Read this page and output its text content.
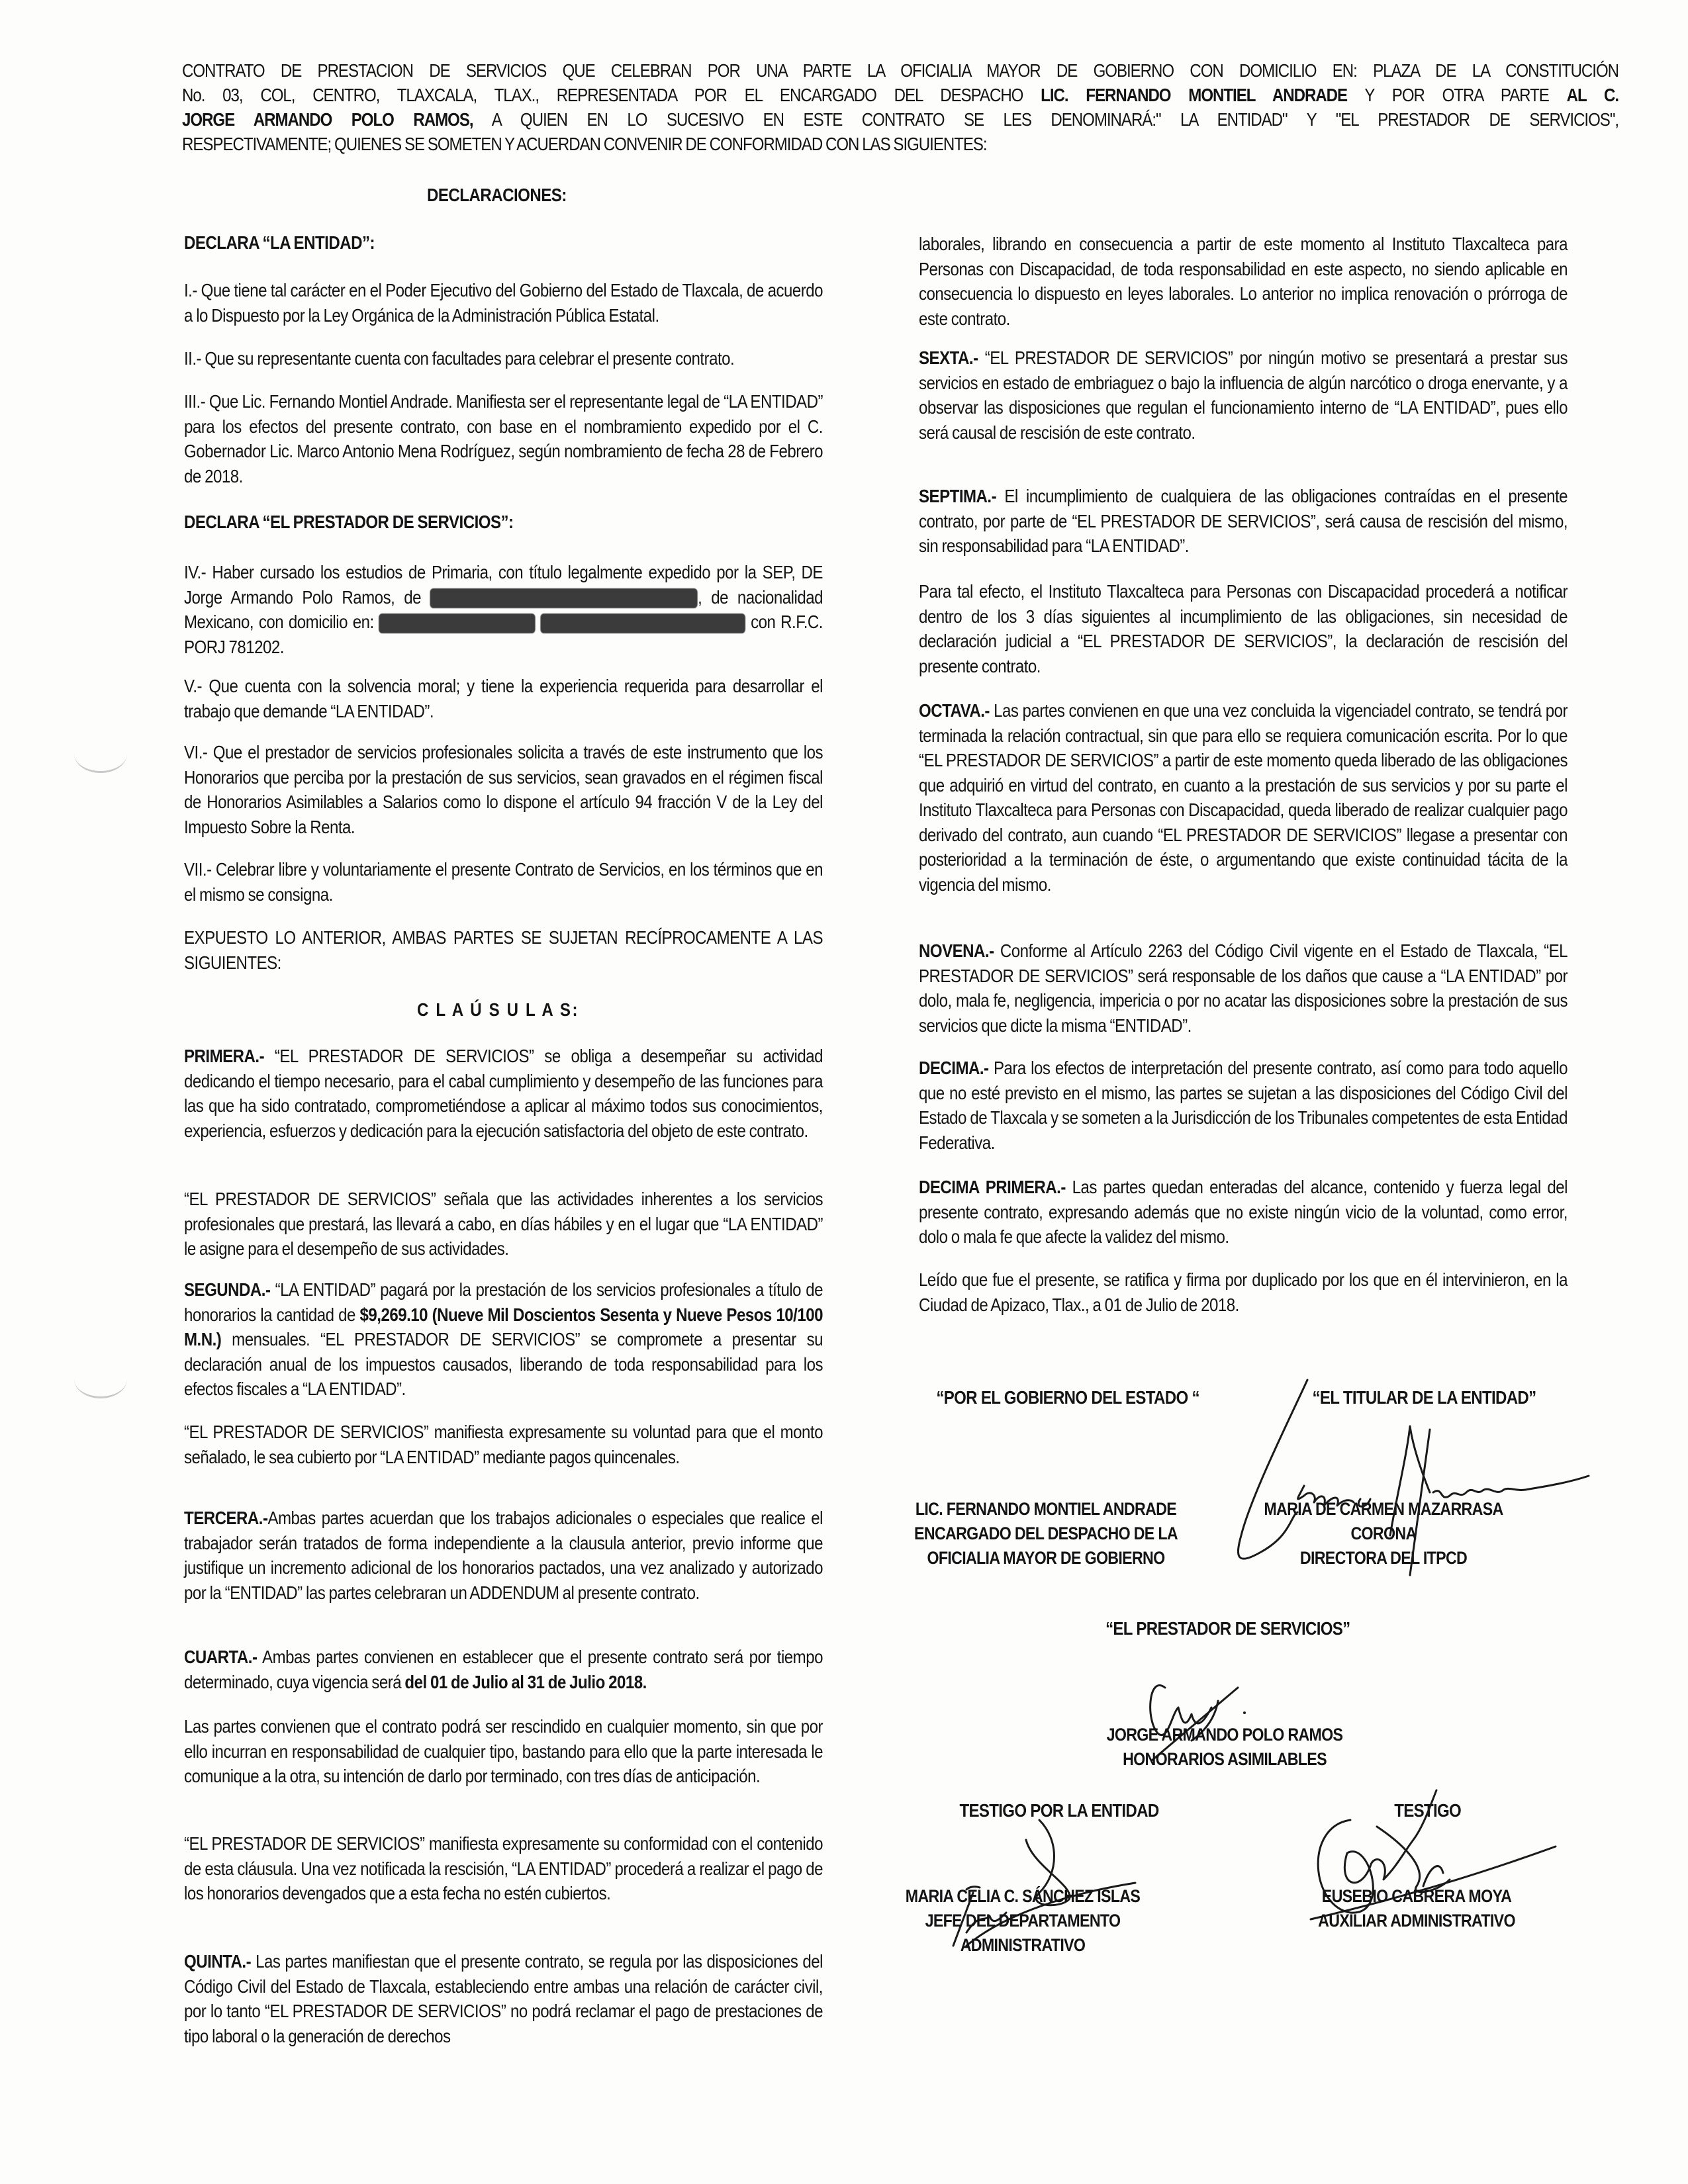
CONTRATO DE PRESTACION DE SERVICIOS QUE CELEBRAN POR UNA PARTE LA OFICIALIA MAYOR DE GOBIERNO CON DOMICILIO EN: PLAZA DE LA CONSTITUCIÓN

No. 03, COL, CENTRO, TLAXCALA, TLAX., REPRESENTADA POR EL ENCARGADO DEL DESPACHO LIC. FERNANDO MONTIEL ANDRADE Y POR OTRA PARTE AL C.

JORGE ARMANDO POLO RAMOS, A QUIEN EN LO SUCESIVO EN ESTE CONTRATO SE LES DENOMINARÁ:" LA ENTIDAD" Y "EL PRESTADOR DE SERVICIOS",

RESPECTIVAMENTE; QUIENES SE SOMETEN Y ACUERDAN CONVENIR DE CONFORMIDAD CON LAS SIGUIENTES:

DECLARACIONES:
DECLARA “LA ENTIDAD”:
I.- Que tiene tal carácter en el Poder Ejecutivo del Gobierno del Estado de Tlaxcala, de acuerdo a lo Dispuesto por la Ley Orgánica de la Administración Pública Estatal.
II.- Que su representante cuenta con facultades para celebrar el presente contrato.
III.- Que Lic. Fernando Montiel Andrade. Manifiesta ser el representante legal de “LA ENTIDAD” para los efectos del presente contrato, con base en el nombramiento expedido por el C. Gobernador Lic. Marco Antonio Mena Rodríguez, según nombramiento de fecha 28 de Febrero de 2018.
DECLARA “EL PRESTADOR DE SERVICIOS”:
IV.- Haber cursado los estudios de Primaria, con título legalmente expedido por la SEP, DE Jorge Armando Polo Ramos, de	, de nacionalidad Mexicano, con domicilio en:	con R.F.C. PORJ 781202.
V.- Que cuenta con la solvencia moral; y tiene la experiencia requerida para desarrollar el trabajo que demande “LA ENTIDAD”.
VI.- Que el prestador de servicios profesionales solicita a través de este instrumento que los Honorarios que perciba por la prestación de sus servicios, sean gravados en el régimen fiscal de Honorarios Asimilables a Salarios como lo dispone el artículo 94 fracción V de la Ley del Impuesto Sobre la Renta.
VII.- Celebrar libre y voluntariamente el presente Contrato de Servicios, en los términos que en el mismo se consigna.
EXPUESTO LO ANTERIOR, AMBAS PARTES SE SUJETAN RECÍPROCAMENTE A LAS SIGUIENTES:
C L A Ú S U L A S:
PRIMERA.- “EL PRESTADOR DE SERVICIOS” se obliga a desempeñar su actividad dedicando el tiempo necesario, para el cabal cumplimiento y desempeño de las funciones para las que ha sido contratado, comprometiéndose a aplicar al máximo todos sus conocimientos, experiencia, esfuerzos y dedicación para la ejecución satisfactoria del objeto de este contrato.
“EL PRESTADOR DE SERVICIOS” señala que las actividades inherentes a los servicios profesionales que prestará, las llevará a cabo, en días hábiles y en el lugar que “LA ENTIDAD” le asigne para el desempeño de sus actividades.
SEGUNDA.- “LA ENTIDAD” pagará por la prestación de los servicios profesionales a título de honorarios la cantidad de $9,269.10 (Nueve Mil Doscientos Sesenta y Nueve Pesos 10/100 M.N.) mensuales. “EL PRESTADOR DE SERVICIOS” se compromete a presentar su declaración anual de los impuestos causados, liberando de toda responsabilidad para los efectos fiscales a “LA ENTIDAD”.
“EL PRESTADOR DE SERVICIOS” manifiesta expresamente su voluntad para que el monto señalado, le sea cubierto por “LA ENTIDAD” mediante pagos quincenales.
TERCERA.-Ambas partes acuerdan que los trabajos adicionales o especiales que realice el trabajador serán tratados de forma independiente a la clausula anterior, previo informe que justifique un incremento adicional de los honorarios pactados, una vez analizado y autorizado por la “ENTIDAD” las partes celebraran un ADDENDUM al presente contrato.
CUARTA.- Ambas partes convienen en establecer que el presente contrato será por tiempo determinado, cuya vigencia será del 01 de Julio al 31 de Julio 2018.
Las partes convienen que el contrato podrá ser rescindido en cualquier momento, sin que por ello incurran en responsabilidad de cualquier tipo, bastando para ello que la parte interesada le comunique a la otra, su intención de darlo por terminado, con tres días de anticipación.
“EL PRESTADOR DE SERVICIOS” manifiesta expresamente su conformidad con el contenido de esta cláusula. Una vez notificada la rescisión, “LA ENTIDAD” procederá a realizar el pago de los honorarios devengados que a esta fecha no estén cubiertos.
QUINTA.- Las partes manifiestan que el presente contrato, se regula por las disposiciones del Código Civil del Estado de Tlaxcala, estableciendo entre ambas una relación de carácter civil, por lo tanto “EL PRESTADOR DE SERVICIOS” no podrá reclamar el pago de prestaciones de tipo laboral o la generación de derechos
laborales, librando en consecuencia a partir de este momento al Instituto Tlaxcalteca para Personas con Discapacidad, de toda responsabilidad en este aspecto, no siendo aplicable en consecuencia lo dispuesto en leyes laborales. Lo anterior no implica renovación o prórroga de este contrato.
SEXTA.- “EL PRESTADOR DE SERVICIOS” por ningún motivo se presentará a prestar sus servicios en estado de embriaguez o bajo la influencia de algún narcótico o droga enervante, y a observar las disposiciones que regulan el funcionamiento interno de “LA ENTIDAD”, pues ello será causal de rescisión de este contrato.
SEPTIMA.- El incumplimiento de cualquiera de las obligaciones contraídas en el presente contrato, por parte de “EL PRESTADOR DE SERVICIOS”, será causa de rescisión del mismo, sin responsabilidad para “LA ENTIDAD”.
Para tal efecto, el Instituto Tlaxcalteca para Personas con Discapacidad procederá a notificar dentro de los 3 días siguientes al incumplimiento de las obligaciones, sin necesidad de declaración judicial a “EL PRESTADOR DE SERVICIOS”, la declaración de rescisión del presente contrato.
OCTAVA.- Las partes convienen en que una vez concluida la vigenciadel contrato, se tendrá por terminada la relación contractual, sin que para ello se requiera comunicación escrita. Por lo que “EL PRESTADOR DE SERVICIOS” a partir de este momento queda liberado de las obligaciones que adquirió en virtud del contrato, en cuanto a la prestación de sus servicios y por su parte el Instituto Tlaxcalteca para Personas con Discapacidad, queda liberado de realizar cualquier pago derivado del contrato, aun cuando “EL PRESTADOR DE SERVICIOS” llegase a presentar con posterioridad a la terminación de éste, o argumentando que existe continuidad tácita de la vigencia del mismo.
NOVENA.- Conforme al Artículo 2263 del Código Civil vigente en el Estado de Tlaxcala, “EL PRESTADOR DE SERVICIOS” será responsable de los daños que cause a “LA ENTIDAD” por dolo, mala fe, negligencia, impericia o por no acatar las disposiciones sobre la prestación de sus servicios que dicte la misma “ENTIDAD”.
DECIMA.- Para los efectos de interpretación del presente contrato, así como para todo aquello que no esté previsto en el mismo, las partes se sujetan a las disposiciones del Código Civil del Estado de Tlaxcala y se someten a la Jurisdicción de los Tribunales competentes de esta Entidad Federativa.
DECIMA PRIMERA.- Las partes quedan enteradas del alcance, contenido y fuerza legal del presente contrato, expresando además que no existe ningún vicio de la voluntad, como error, dolo o mala fe que afecte la validez del mismo.
Leído que fue el presente, se ratifica y firma por duplicado por los que en él intervinieron, en la Ciudad de Apizaco, Tlax., a 01 de Julio de 2018.
“POR EL GOBIERNO DEL ESTADO “	“EL TITULAR DE LA ENTIDAD”
LIC. FERNANDO MONTIEL ANDRADE
ENCARGADO DEL DESPACHO DE LA
OFICIALIA MAYOR DE GOBIERNO
MARIA DE CARMEN MAZARRASA
CORONA
DIRECTORA DEL ITPCD
“EL PRESTADOR DE SERVICIOS”
JORGE ARMANDO POLO RAMOS
HONORARIOS ASIMILABLES
TESTIGO POR LA ENTIDAD	TESTIGO
MARIA CELIA C. SÁNCHEZ ISLAS
JEFE DEL DEPARTAMENTO
ADMINISTRATIVO
EUSEBIO CABRERA MOYA
AUXILIAR ADMINISTRATIVO
